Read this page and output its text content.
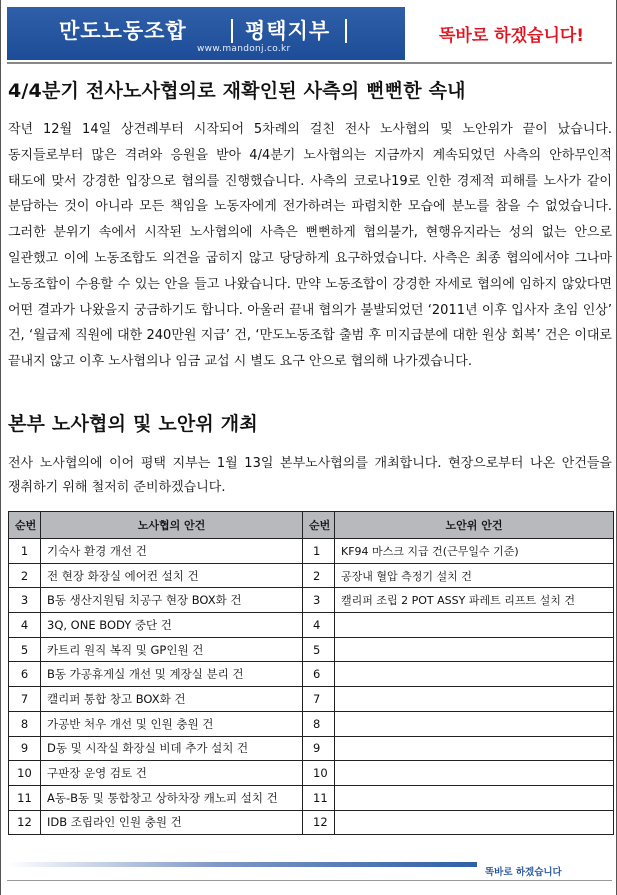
만도노동조합	평택지부
www.mandonj.co.kr
똑바로 하겠습니다!
4/4분기 전사노사협의로 재확인된 사측의 뻔뻔한 속내
작년 12월 14일 상견례부터 시작되어 5차례의 걸친 전사 노사협의 및 노안위가 끝이 났습니다. 동지들로부터 많은 격려와 응원을 받아 4/4분기 노사협의는 지금까지 계속되었던 사측의 안하무인적 태도에 맞서 강경한 입장으로 협의를 진행했습니다. 사측의 코로나19로 인한 경제적 피해를 노사가 같이 분담하는 것이 아니라 모든 책임을 노동자에게 전가하려는 파렴치한 모습에 분노를 참을 수 없었습니다. 그러한 분위기 속에서 시작된 노사협의에 사측은 뻔뻔하게 협의불가, 현행유지라는 성의 없는 안으로 일관했고 이에 노동조합도 의견을 굽히지 않고 당당하게 요구하였습니다. 사측은 최종 협의에서야 그나마 노동조합이 수용할 수 있는 안을 들고 나왔습니다. 만약 노동조합이 강경한 자세로 협의에 임하지 않았다면 어떤 결과가 나왔을지 궁금하기도 합니다. 아울러 끝내 협의가 불발되었던 ‘2011년 이후 입사자 초임 인상’ 건, ‘월급제 직원에 대한 240만원 지급’ 건, ‘만도노동조합 출범 후 미지급분에 대한 원상 회복’ 건은 이대로 끝내지 않고 이후 노사협의나 임금 교섭 시 별도 요구 안으로 협의해 나가겠습니다.
본부 노사협의 및 노안위 개최
전사 노사협의에 이어 평택 지부는 1월 13일 본부노사협의를 개최합니다. 현장으로부터 나온 안건들을 쟁취하기 위해 철저히 준비하겠습니다.
순번	노사협의 안건	순번	노안위 안건
1	기숙사 환경 개선 건	1	KF94 마스크 지급 건(근무일수 기준)
2	전 현장 화장실 에어컨 설치 건	2	공장내 혈압 측정기 설치 건
3	B동 생산지원팀 치공구 현장 BOX화 건	3	캘리퍼 조립 2 POT ASSY 파레트 리프트 설치 건
4	3Q, ONE BODY 중단 건	4	
5	카트리 원직 복직 및 GP인원 건	5	
6	B동 가공휴게실 개선 및 계장실 분리 건	6	
7	캘리퍼 통합 창고 BOX화 건	7	
8	가공반 처우 개선 및 인원 충원 건	8	
9	D동 및 시작실 화장실 비데 추가 설치 건	9	
10	구판장 운영 검토 건	10	
11	A동-B동 및 통합창고 상하차장 캐노피 설치 건	11	
12	IDB 조립라인 인원 충원 건	12	
똑바로 하겠습니다
